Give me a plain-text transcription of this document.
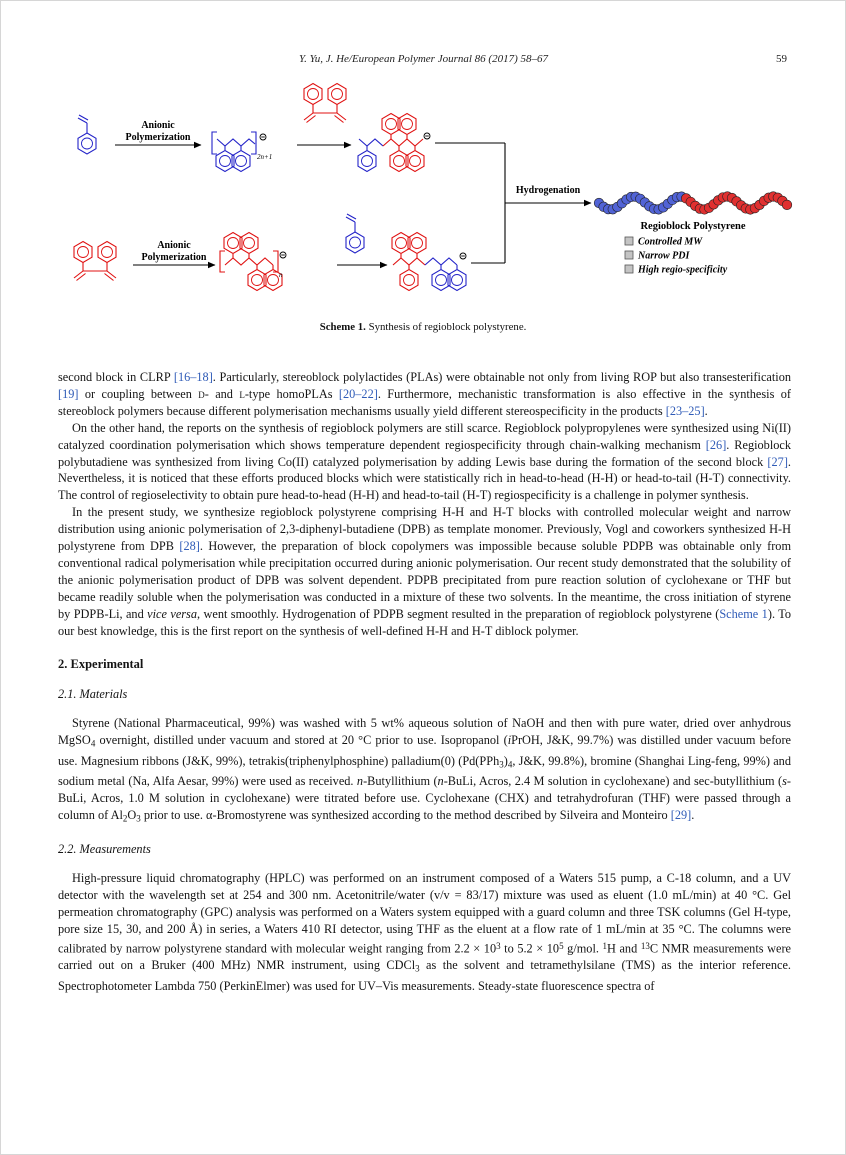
Y. Yu, J. He/European Polymer Journal 86 (2017) 58–67	59
Anionic
Polymerization
2n+1
Anionic
Polymerization
n
Hydrogenation
Regioblock Polystyrene
Controlled MW
Narrow PDI
High regio-specificity
Scheme 1. Synthesis of regioblock polystyrene.

second block in CLRP [16–18]. Particularly, stereoblock polylactides (PLAs) were obtainable not only from living ROP but also transesterification [19] or coupling between d- and l-type homoPLAs [20–22]. Furthermore, mechanistic transformation is also effective in the synthesis of stereoblock polymers because different polymerisation mechanisms usually yield different stereospecificity in the products [23–25].

On the other hand, the reports on the synthesis of regioblock polymers are still scarce. Regioblock polypropylenes were synthesized using Ni(II) catalyzed coordination polymerisation which shows temperature dependent regiospecificity through chain-walking mechanism [26]. Regioblock polybutadiene was synthesized from living Co(II) catalyzed polymerisation by adding Lewis base during the formation of the second block [27]. Nevertheless, it is noticed that these efforts produced blocks which were statistically rich in head-to-head (H-H) or head-to-tail (H-T) connectivity. The control of regioselectivity to obtain pure head-to-head (H-H) and head-to-tail (H-T) regiospecificity is a challenge in polymer synthesis.

In the present study, we synthesize regioblock polystyrene comprising H-H and H-T blocks with controlled molecular weight and narrow distribution using anionic polymerisation of 2,3-diphenyl-butadiene (DPB) as template monomer. Previously, Vogl and coworkers synthesized H-H polystyrene from DPB [28]. However, the preparation of block copolymers was impossible because soluble PDPB was obtainable only from conventional radical polymerisation while precipitation occurred during anionic polymerisation. Our recent study demonstrated that the solubility of the anionic polymerisation product of DPB was solvent dependent. PDPB precipitated from pure reaction solution of cyclohexane or THF but became readily soluble when the polymerisation was conducted in a mixture of these two solvents. In the meantime, the cross initiation of styrene by PDPB-Li, and vice versa, went smoothly. Hydrogenation of PDPB segment resulted in the preparation of regioblock polystyrene (Scheme 1). To our best knowledge, this is the first report on the synthesis of well-defined H-H and H-T diblock polymer.

2. Experimental
2.1. Materials

Styrene (National Pharmaceutical, 99%) was washed with 5 wt% aqueous solution of NaOH and then with pure water, dried over anhydrous MgSO$_4$ overnight, distilled under vacuum and stored at 20 °C prior to use. Isopropanol (iPrOH, J&K, 99.7%) was distilled under vacuum before use. Magnesium ribbons (J&K, 99%), tetrakis(triphenylphosphine) palladium(0) ($Pd(PPh_3)_4$, J&K, 99.8%), bromine (Shanghai Ling-feng, 99%) and sodium metal (Na, Alfa Aesar, 99%) were used as received. n-Butyllithium (n-BuLi, Acros, 2.4 M solution in cyclohexane) and sec-butyllithium (s-BuLi, Acros, 1.0 M solution in cyclohexane) were titrated before use. Cyclohexane (CHX) and tetrahydrofuran (THF) were passed through a column of $Al_2O_3$ prior to use. α-Bromostyrene was synthesized according to the method described by Silveira and Monteiro [29].

2.2. Measurements

High-pressure liquid chromatography (HPLC) was performed on an instrument composed of a Waters 515 pump, a C-18 column, and a UV detector with the wavelength set at 254 and 300 nm. Acetonitrile/water (v/v = 83/17) mixture was used as eluent (1.0 mL/min) at 40 °C. Gel permeation chromatography (GPC) analysis was performed on a Waters system equipped with a guard column and three TSK columns (Gel H-type, pore size 15, 30, and 200 Å) in series, a Waters 410 RI detector, using THF as the eluent at a flow rate of 1 mL/min at 35 °C. The columns were calibrated by narrow polystyrene standard with molecular weight ranging from $2.2 \times 10^3$ to $5.2 \times 10^5$ g/mol. $^1$H and $^{13}$C NMR measurements were carried out on a Bruker (400 MHz) NMR instrument, using CDCl$_3$ as the solvent and tetramethylsilane (TMS) as the interior reference. Spectrophotometer Lambda 750 (PerkinElmer) was used for UV–Vis measurements. Steady-state fluorescence spectra of
